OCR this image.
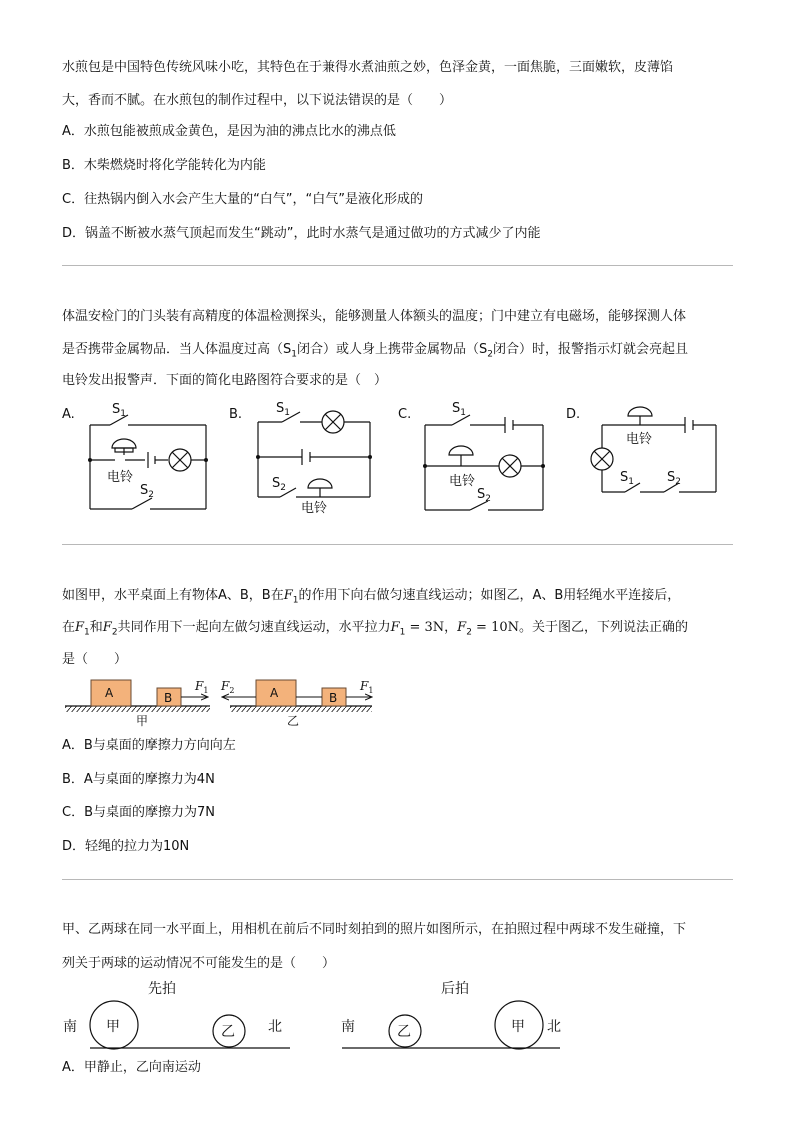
水煎包是中国特色传统风味小吃，其特色在于兼得水煮油煎之妙，色泽金黄，一面焦脆，三面嫩软，皮薄馅
大，香而不腻。在水煎包的制作过程中，以下说法错误的是（　　）
A．水煎包能被煎成金黄色，是因为油的沸点比水的沸点低
B．木柴燃烧时将化学能转化为内能
C．往热锅内倒入水会产生大量的“白气”，“白气”是液化形成的
D．锅盖不断被水蒸气顶起而发生“跳动”，此时水蒸气是通过做功的方式减少了内能
体温安检门的门头装有高精度的体温检测探头，能够测量人体额头的温度；门中建立有电磁场，能够探测人体
是否携带金属物品．当人体温度过高（$S_1$闭合）或人身上携带金属物品（$S_2$闭合）时，报警指示灯就会亮起且
电铃发出报警声．下面的简化电路图符合要求的是（　）
A.	B.	C.	D.
$S_1$
$S_2$
$S_1$
$S_2$
$S_1$
$S_2$
$S_1$	$S_2$
电铃
电铃
电铃
电铃
如图甲，水平桌面上有物体A、B，B在$F_1$的作用下向右做匀速直线运动；如图乙，A、B用轻绳水平连接后，
在$F_1$和$F_2$共同作用下一起向左做匀速直线运动，水平拉力$F_1 = 3N$，$F_2 = 10N$。关于图乙，下列说法正确的
是（　　）
A	B
$F_1$
甲
A	B
$F_2$	$F_1$
乙
A．B与桌面的摩擦力方向向左
B．A与桌面的摩擦力为4N
C．B与桌面的摩擦力为7N
D．轻绳的拉力为10N
甲、乙两球在同一水平面上，用相机在前后不同时刻拍到的照片如图所示，在拍照过程中两球不发生碰撞，下
列关于两球的运动情况不可能发生的是（　　）
先拍	后拍
南	北	南	北
甲	乙	乙	甲
A．甲静止，乙向南运动
